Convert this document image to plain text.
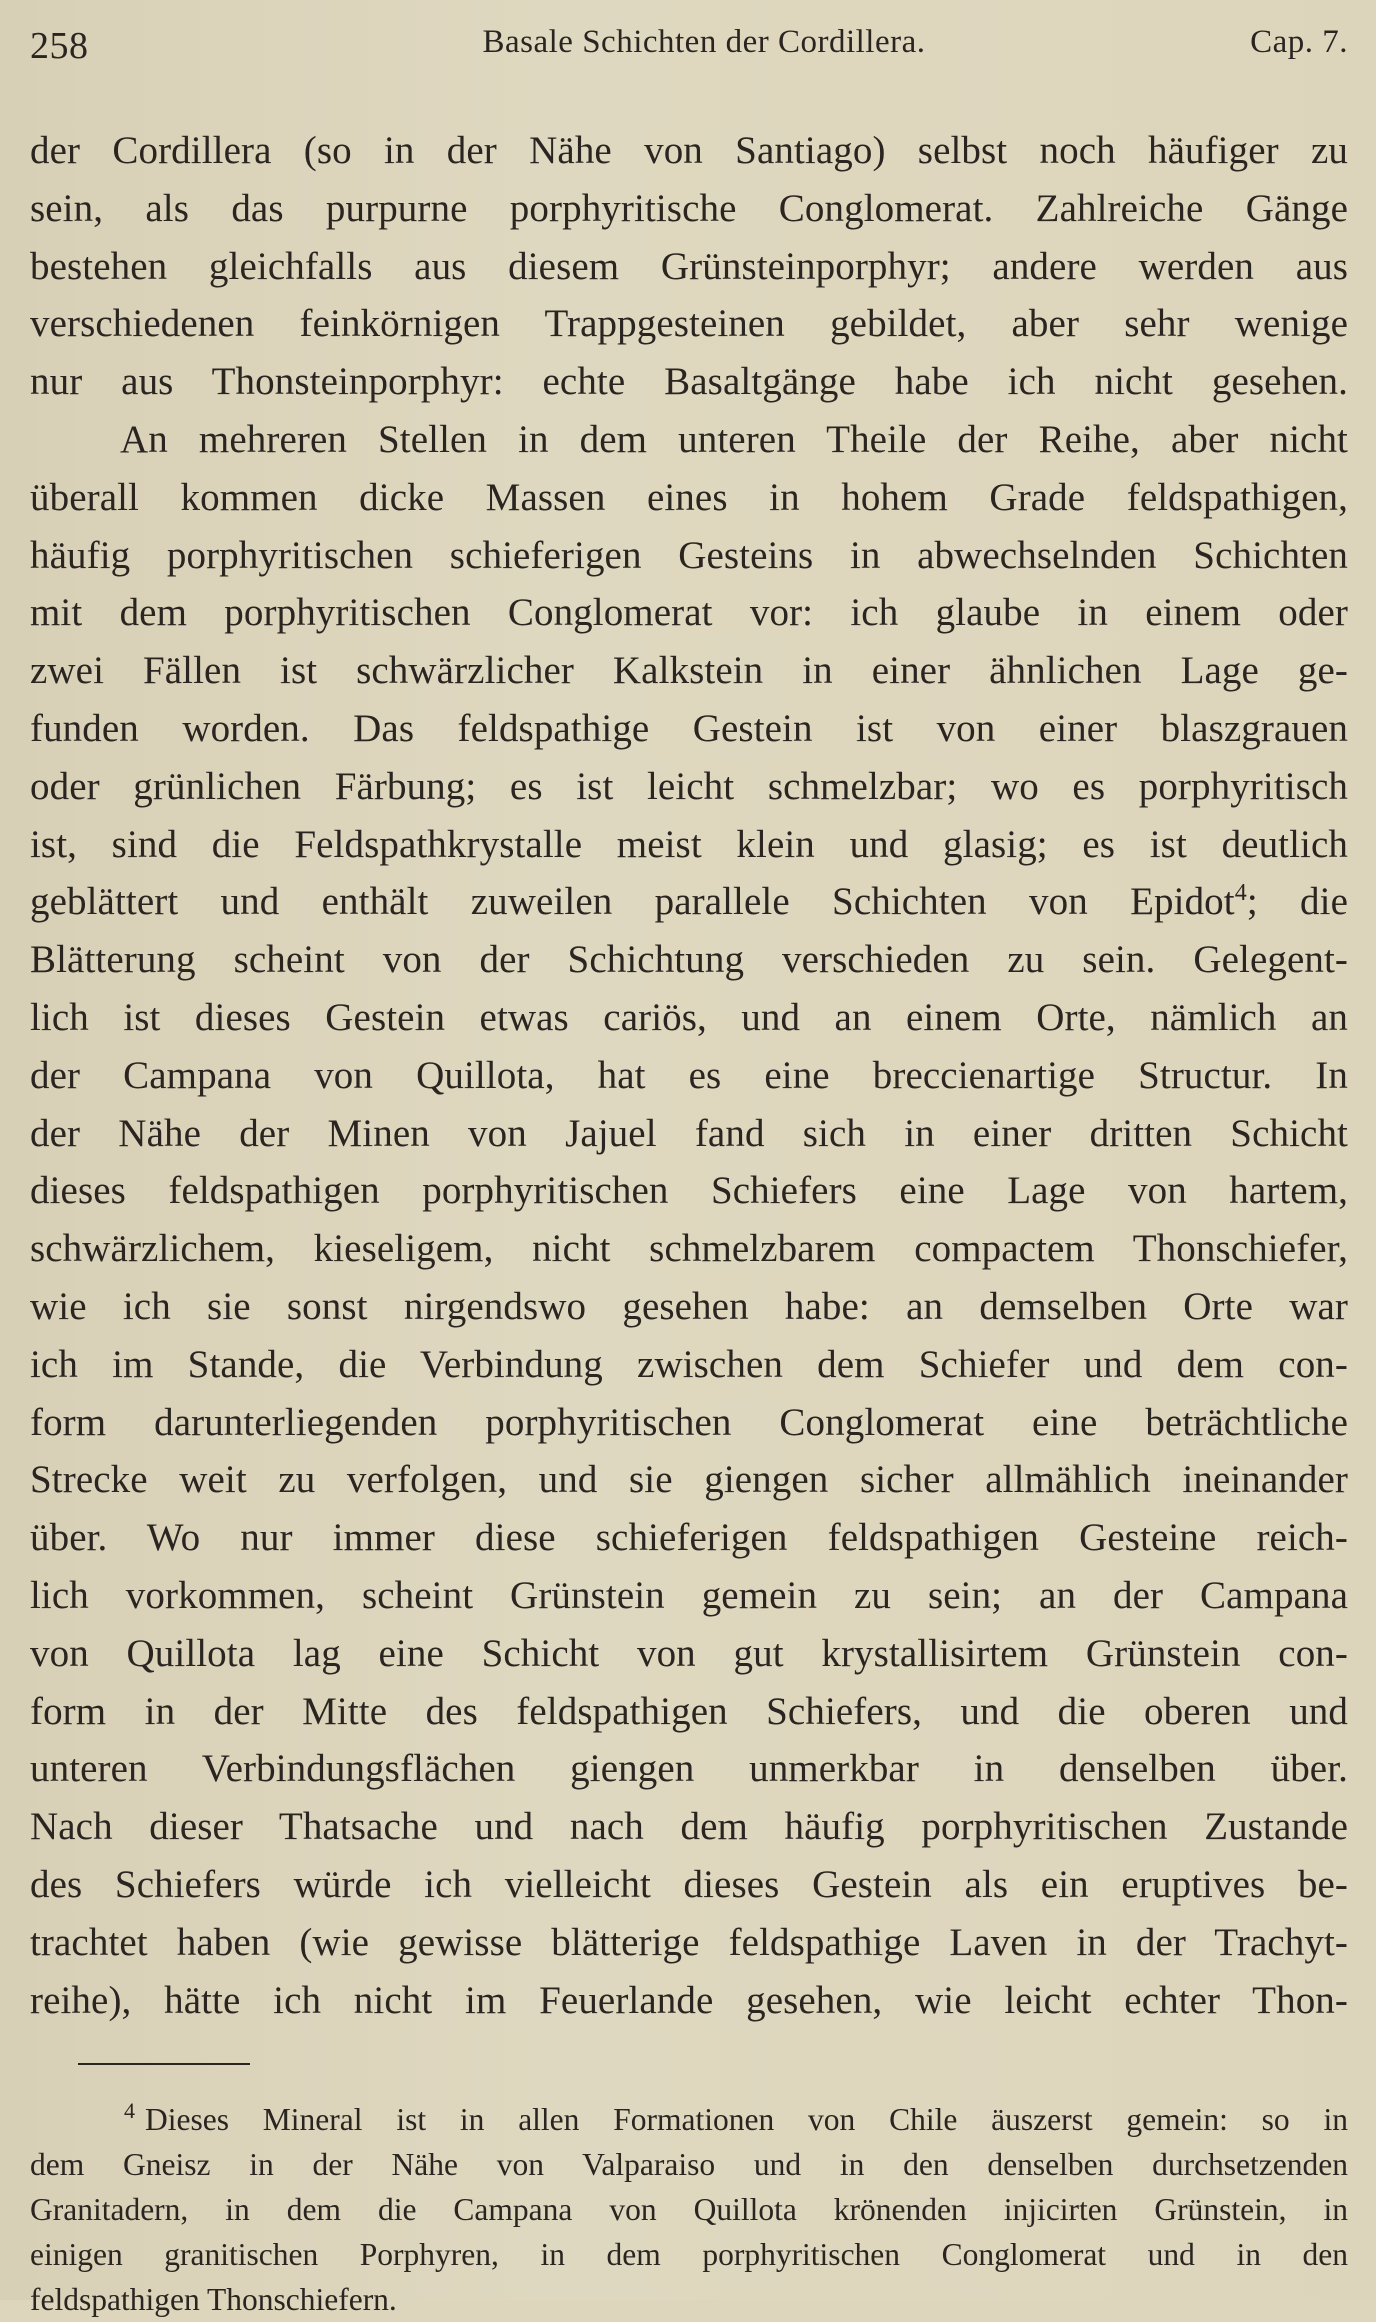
258	Basale Schichten der Cordillera.	Cap. 7.
der Cordillera (so in der Nähe von Santiago) selbst noch häufiger zu
sein, als das purpurne porphyritische Conglomerat. Zahlreiche Gänge
bestehen gleichfalls aus diesem Grünsteinporphyr; andere werden aus
verschiedenen feinkörnigen Trappgesteinen gebildet, aber sehr wenige
nur aus Thonsteinporphyr: echte Basaltgänge habe ich nicht gesehen.
An mehreren Stellen in dem unteren Theile der Reihe, aber nicht
überall kommen dicke Massen eines in hohem Grade feldspathigen,
häufig porphyritischen schieferigen Gesteins in abwechselnden Schichten
mit dem porphyritischen Conglomerat vor: ich glaube in einem oder
zwei Fällen ist schwärzlicher Kalkstein in einer ähnlichen Lage ge-
funden worden. Das feldspathige Gestein ist von einer blaszgrauen
oder grünlichen Färbung; es ist leicht schmelzbar; wo es porphyritisch
ist, sind die Feldspathkrystalle meist klein und glasig; es ist deutlich
geblättert und enthält zuweilen parallele Schichten von Epidot$^4$; die
Blätterung scheint von der Schichtung verschieden zu sein. Gelegent-
lich ist dieses Gestein etwas cariös, und an einem Orte, nämlich an
der Campana von Quillota, hat es eine breccienartige Structur. In
der Nähe der Minen von Jajuel fand sich in einer dritten Schicht
dieses feldspathigen porphyritischen Schiefers eine Lage von hartem,
schwärzlichem, kieseligem, nicht schmelzbarem compactem Thonschiefer,
wie ich sie sonst nirgendswo gesehen habe: an demselben Orte war
ich im Stande, die Verbindung zwischen dem Schiefer und dem con-
form darunterliegenden porphyritischen Conglomerat eine beträchtliche
Strecke weit zu verfolgen, und sie giengen sicher allmählich ineinander
über. Wo nur immer diese schieferigen feldspathigen Gesteine reich-
lich vorkommen, scheint Grünstein gemein zu sein; an der Campana
von Quillota lag eine Schicht von gut krystallisirtem Grünstein con-
form in der Mitte des feldspathigen Schiefers, und die oberen und
unteren Verbindungsflächen giengen unmerkbar in denselben über.
Nach dieser Thatsache und nach dem häufig porphyritischen Zustande
des Schiefers würde ich vielleicht dieses Gestein als ein eruptives be-
trachtet haben (wie gewisse blätterige feldspathige Laven in der Trachyt-
reihe), hätte ich nicht im Feuerlande gesehen, wie leicht echter Thon-
$^4$ Dieses Mineral ist in allen Formationen von Chile äuszerst gemein: so in
dem Gneisz in der Nähe von Valparaiso und in den denselben durchsetzenden
Granitadern, in dem die Campana von Quillota krönenden injicirten Grünstein, in
einigen granitischen Porphyren, in dem porphyritischen Conglomerat und in den
feldspathigen Thonschiefern.
